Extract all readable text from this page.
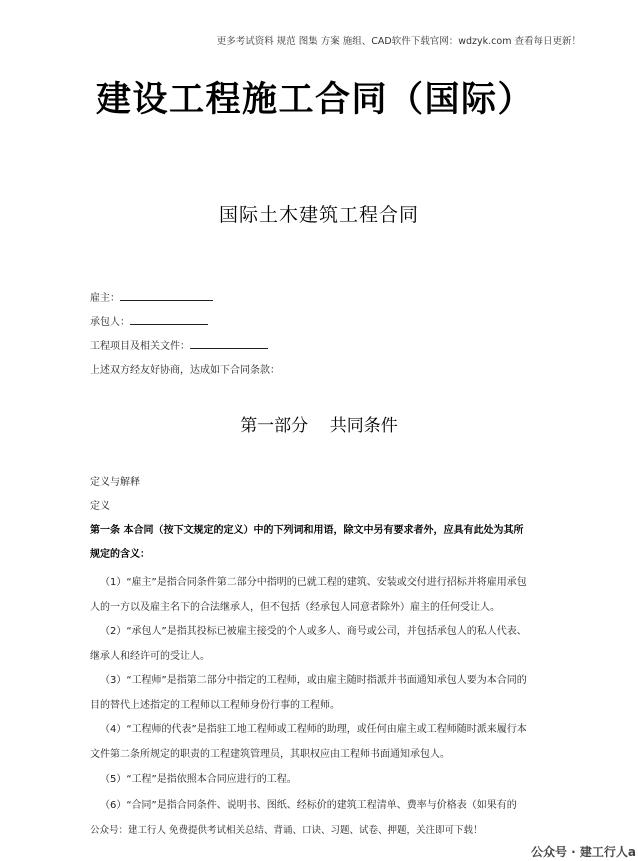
更多考试资料 规范 图集 方案 施组、CAD软件下载官网：wdzyk.com 查看每日更新！
建设工程施工合同（国际）
国际土木建筑工程合同
雇主：
承包人：
工程项目及相关文件：
上述双方经友好协商，达成如下合同条款：
第一部分    共同条件
定义与解释
定义
第一条 本合同（按下文规定的定义）中的下列词和用语，除文中另有要求者外，应具有此处为其所
规定的含义：
（1）“雇主”是指合同条件第二部分中指明的已就工程的建筑、安装或交付进行招标并将雇用承包
人的一方以及雇主名下的合法继承人，但不包括（经承包人同意者除外）雇主的任何受让人。
（2）“承包人”是指其投标已被雇主接受的个人或多人、商号或公司，并包括承包人的私人代表、
继承人和经许可的受让人。
（3）“工程师”是指第二部分中指定的工程师，或由雇主随时指派并书面通知承包人要为本合同的
目的替代上述指定的工程师以工程师身份行事的工程师。
（4）“工程师的代表”是指驻工地工程师或工程师的助理，或任何由雇主或工程师随时派来履行本
文件第二条所规定的职责的工程建筑管理员，其职权应由工程师书面通知承包人。
（5）“工程”是指依照本合同应进行的工程。
（6）“合同”是指合同条件、说明书、图纸、经标价的建筑工程清单、费率与价格表（如果有的
公众号：建工行人 免费提供考试相关总结、背诵、口诀、习题、试卷、押题，关注即可下载！
公众号 · 建工行人a
